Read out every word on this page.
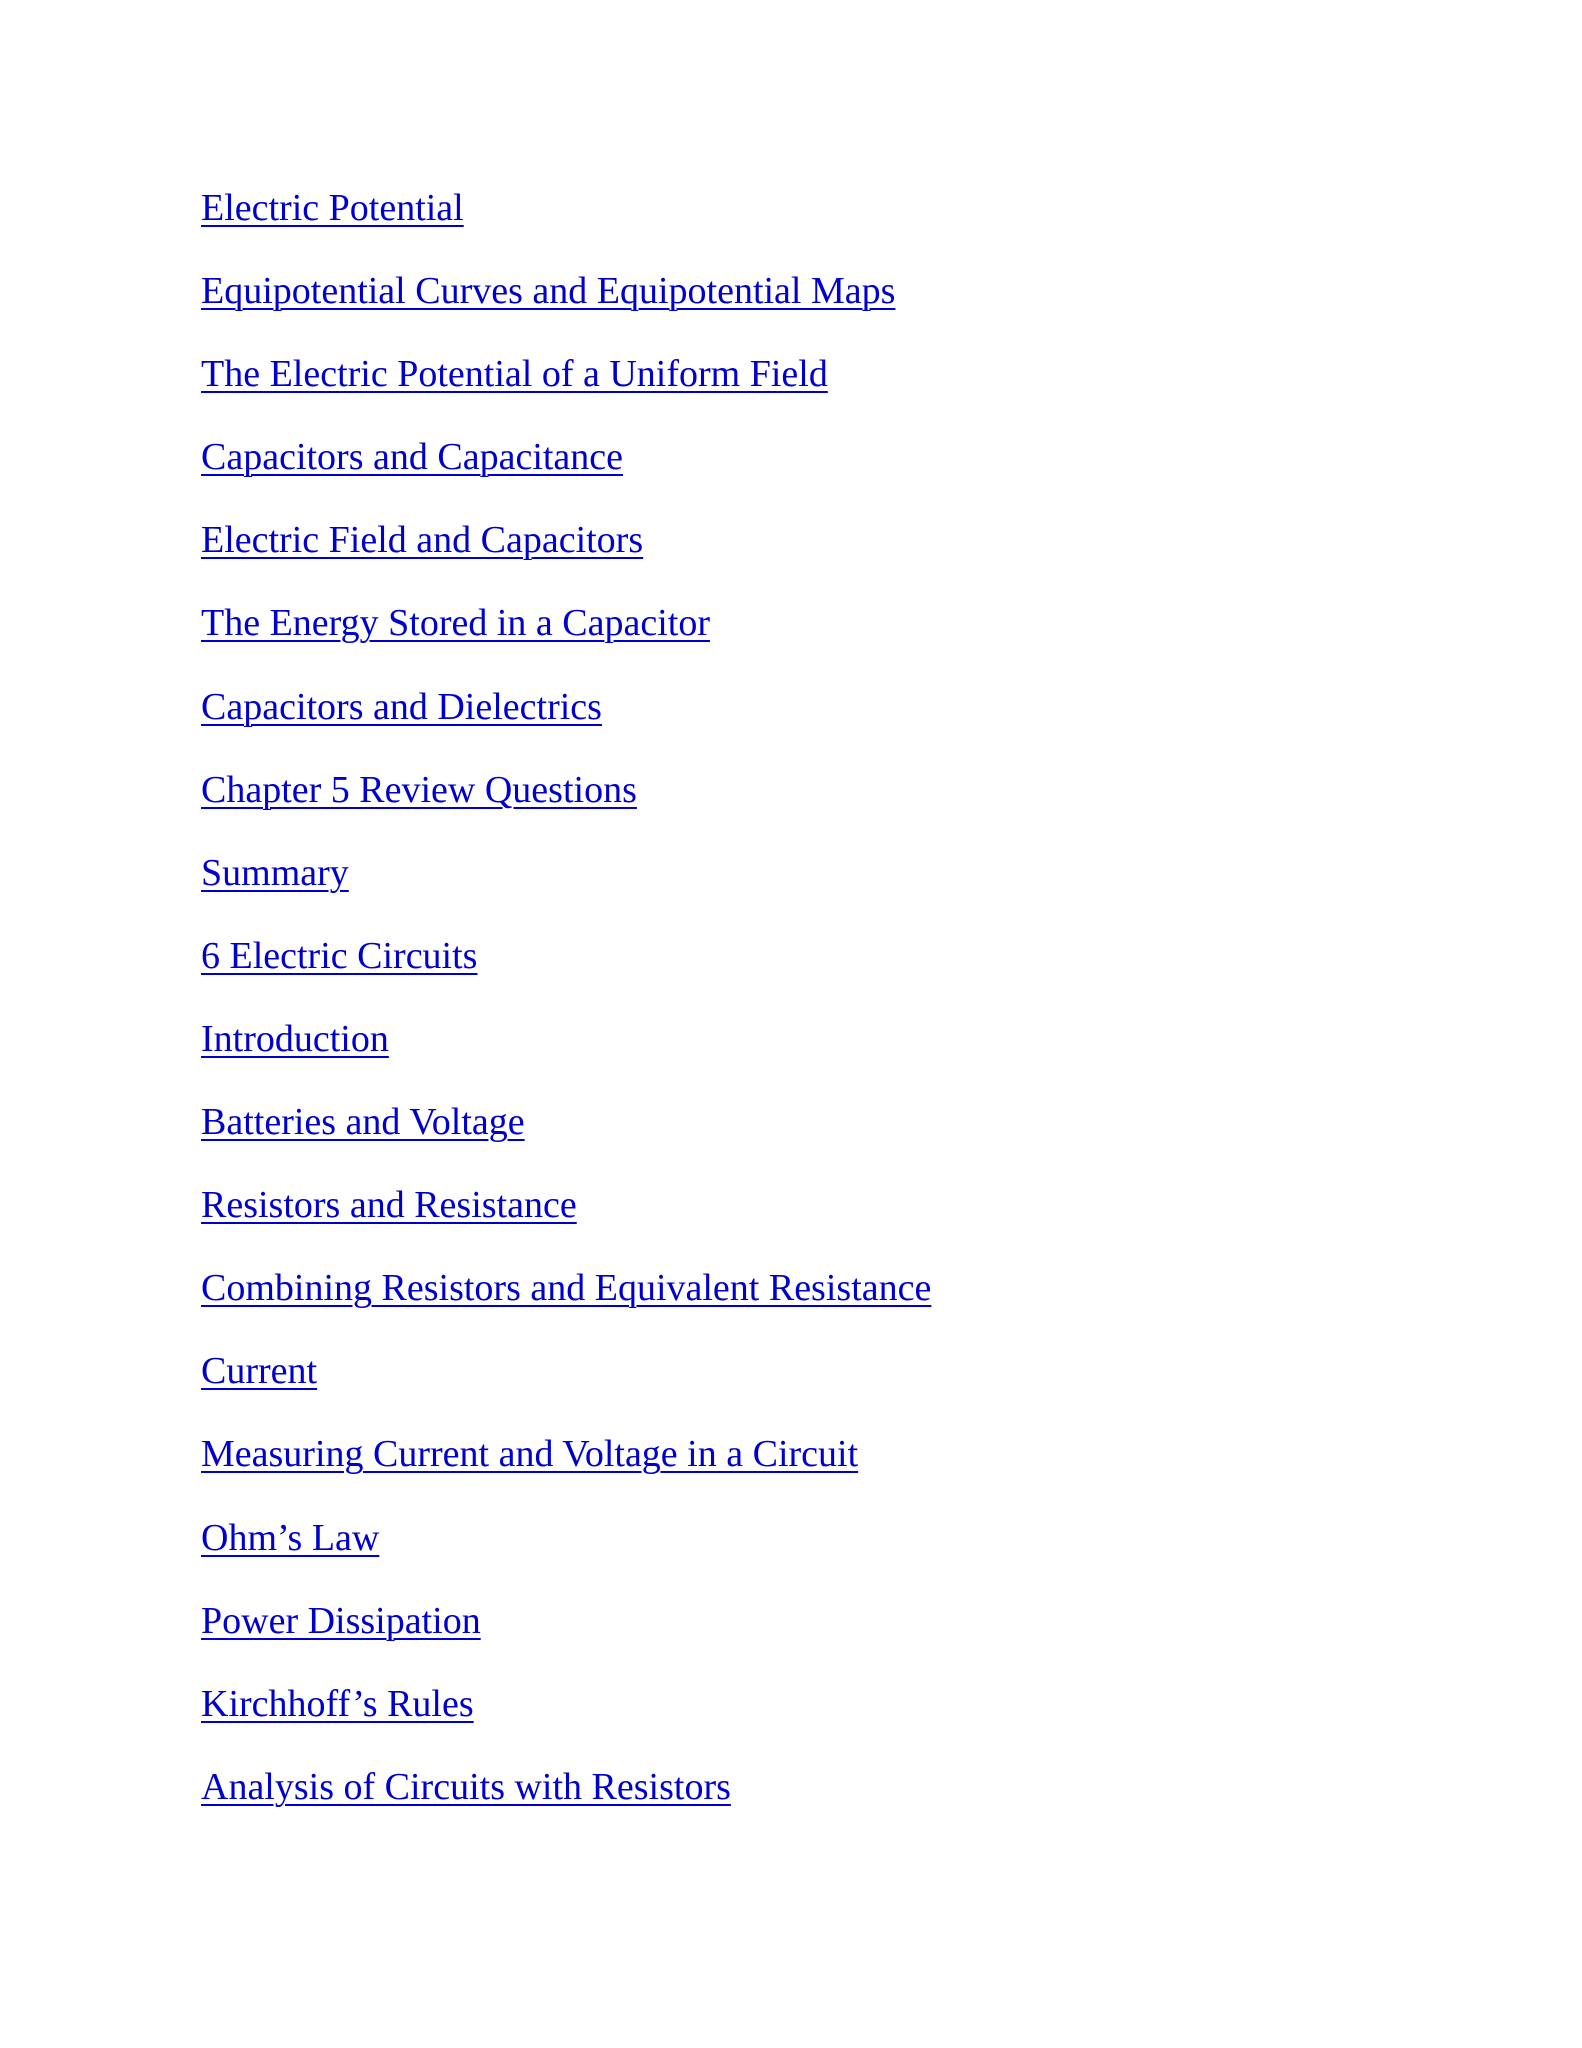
Electric Potential
Equipotential Curves and Equipotential Maps
The Electric Potential of a Uniform Field
Capacitors and Capacitance
Electric Field and Capacitors
The Energy Stored in a Capacitor
Capacitors and Dielectrics
Chapter 5 Review Questions
Summary
6 Electric Circuits
Introduction
Batteries and Voltage
Resistors and Resistance
Combining Resistors and Equivalent Resistance
Current
Measuring Current and Voltage in a Circuit
Ohm’s Law
Power Dissipation
Kirchhoff’s Rules
Analysis of Circuits with Resistors
